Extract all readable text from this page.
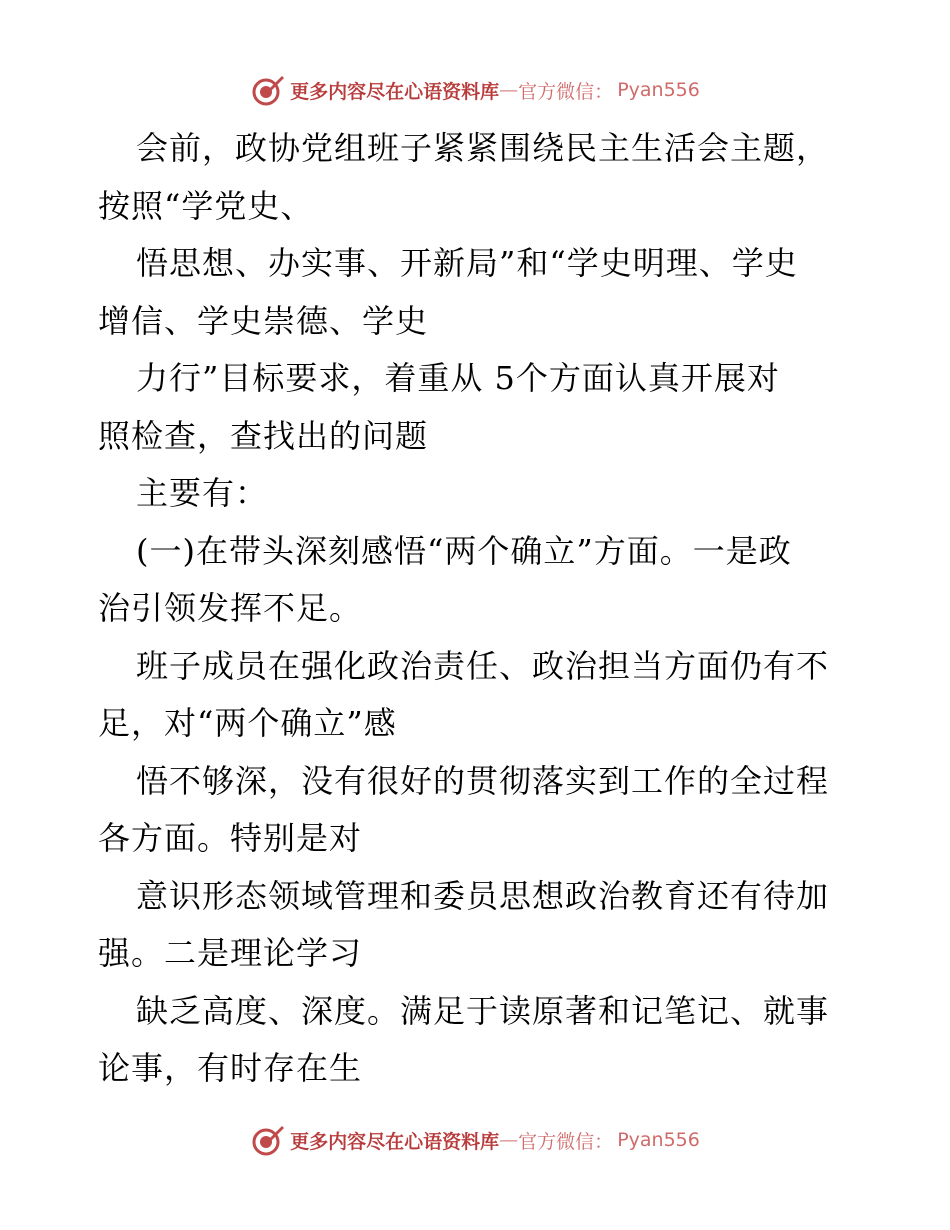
更多内容尽在心语资料库 — 官方微信： Pyan556
会前，政协党组班子紧紧围绕民主生活会主题，
按照“学党史、
悟思想、办实事、开新局”和“学史明理、学史
增信、学史崇德、学史
力行”目标要求，着重从 5个方面认真开展对
照检查，查找出的问题
主要有：
(一)在带头深刻感悟“两个确立”方面。一是政
治引领发挥不足。
班子成员在强化政治责任、政治担当方面仍有不
足，对“两个确立”感
悟不够深，没有很好的贯彻落实到工作的全过程
各方面。特别是对
意识形态领域管理和委员思想政治教育还有待加
强。二是理论学习
缺乏高度、深度。满足于读原著和记笔记、就事
论事，有时存在生
更多内容尽在心语资料库 — 官方微信： Pyan556
